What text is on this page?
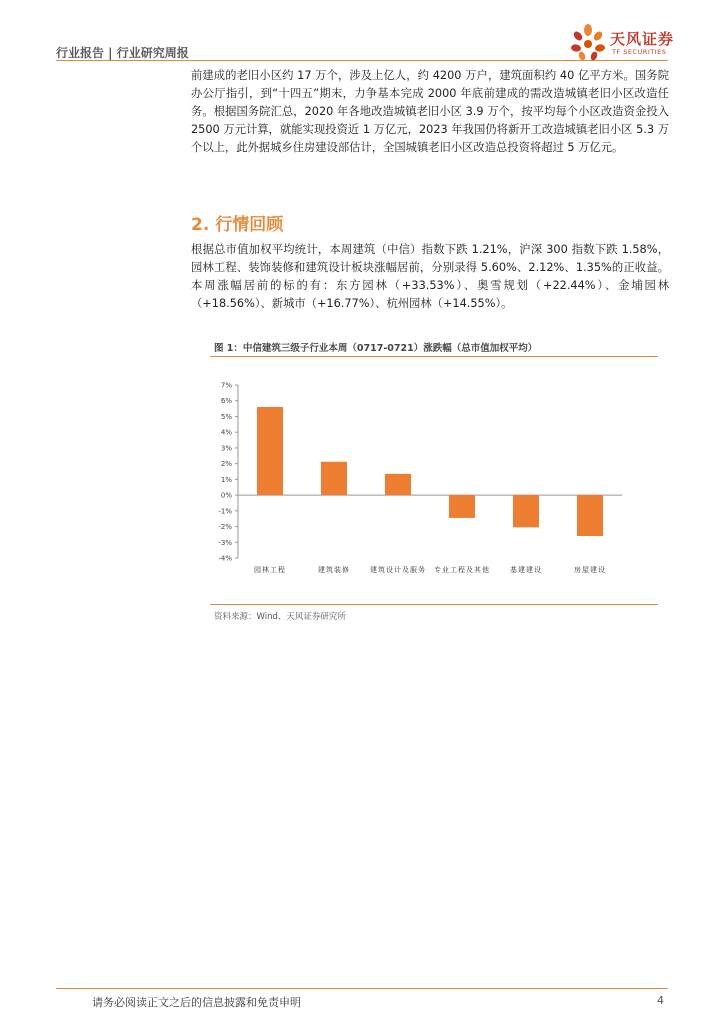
行业报告 | 行业研究周报
天风证券
TF SECURITIES
前建成的老旧小区约 17 万个，涉及上亿人，约 4200 万户，建筑面积约 40 亿平方米。国务院办公厅指引，到“十四五”期末，力争基本完成 2000 年底前建成的需改造城镇老旧小区改造任务。根据国务院汇总，2020 年各地改造城镇老旧小区 3.9 万个，按平均每个小区改造资金投入 2500 万元计算，就能实现投资近 1 万亿元，2023 年我国仍将新开工改造城镇老旧小区 5.3 万个以上，此外据城乡住房建设部估计，全国城镇老旧小区改造总投资将超过 5 万亿元。
2. 行情回顾
根据总市值加权平均统计，本周建筑（中信）指数下跌 1.21%，沪深 300 指数下跌 1.58%，园林工程、装饰装修和建筑设计板块涨幅居前，分别录得 5.60%、2.12%、1.35%的正收益。本周涨幅居前的标的有：东方园林（+33.53%）、奥雪规划（+22.44%）、金埔园林（+18.56%）、新城市（+16.77%）、杭州园林（+14.55%）。
图 1：中信建筑三级子行业本周（0717-0721）涨跌幅（总市值加权平均）
7%
6%
5%
4%
3%
2%
1%
0%
-1%
-2%
-3%
-4%
园林工程	建筑装修	建筑设计及服务 专业工程及其他	基建建设	房屋建设
资料来源：Wind、天风证券研究所
请务必阅读正文之后的信息披露和免责申明	4
